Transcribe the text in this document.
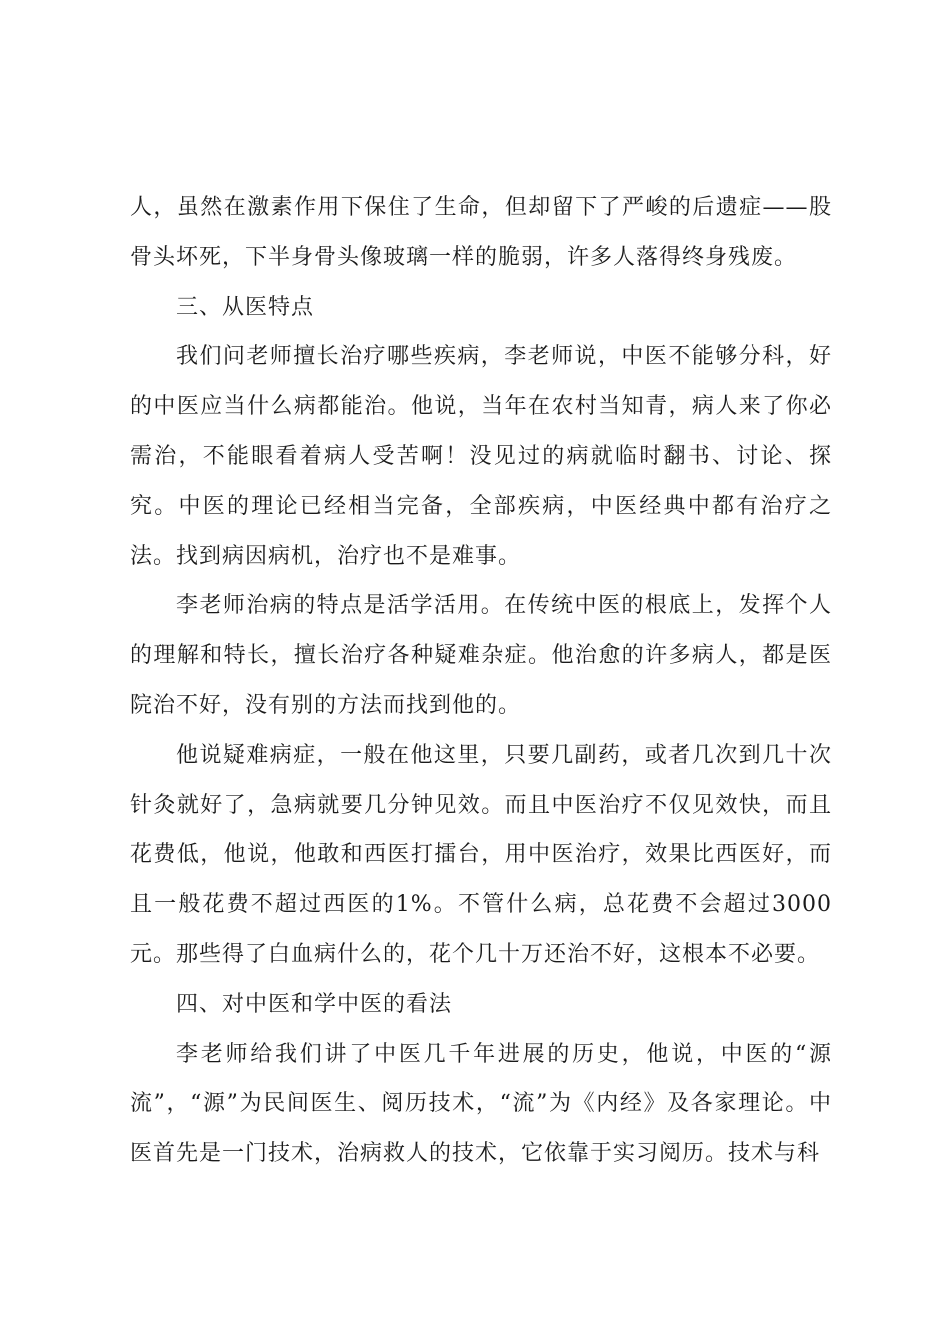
人，虽然在激素作用下保住了生命，但却留下了严峻的后遗症——股骨头坏死，下半身骨头像玻璃一样的脆弱，许多人落得终身残废。

三、从医特点

我们问老师擅长治疗哪些疾病，李老师说，中医不能够分科，好的中医应当什么病都能治。他说，当年在农村当知青，病人来了你必需治，不能眼看着病人受苦啊！没见过的病就临时翻书、讨论、探究。中医的理论已经相当完备，全部疾病，中医经典中都有治疗之法。找到病因病机，治疗也不是难事。

李老师治病的特点是活学活用。在传统中医的根底上，发挥个人的理解和特长，擅长治疗各种疑难杂症。他治愈的许多病人，都是医院治不好，没有别的方法而找到他的。

他说疑难病症，一般在他这里，只要几副药，或者几次到几十次针灸就好了，急病就要几分钟见效。而且中医治疗不仅见效快，而且花费低，他说，他敢和西医打擂台，用中医治疗，效果比西医好，而且一般花费不超过西医的1%。不管什么病，总花费不会超过3000元。那些得了白血病什么的，花个几十万还治不好，这根本不必要。

四、对中医和学中医的看法

李老师给我们讲了中医几千年进展的历史，他说，中医的“源流”，“源”为民间医生、阅历技术，“流”为《内经》及各家理论。中医首先是一门技术，治病救人的技术，它依靠于实习阅历。技术与科
